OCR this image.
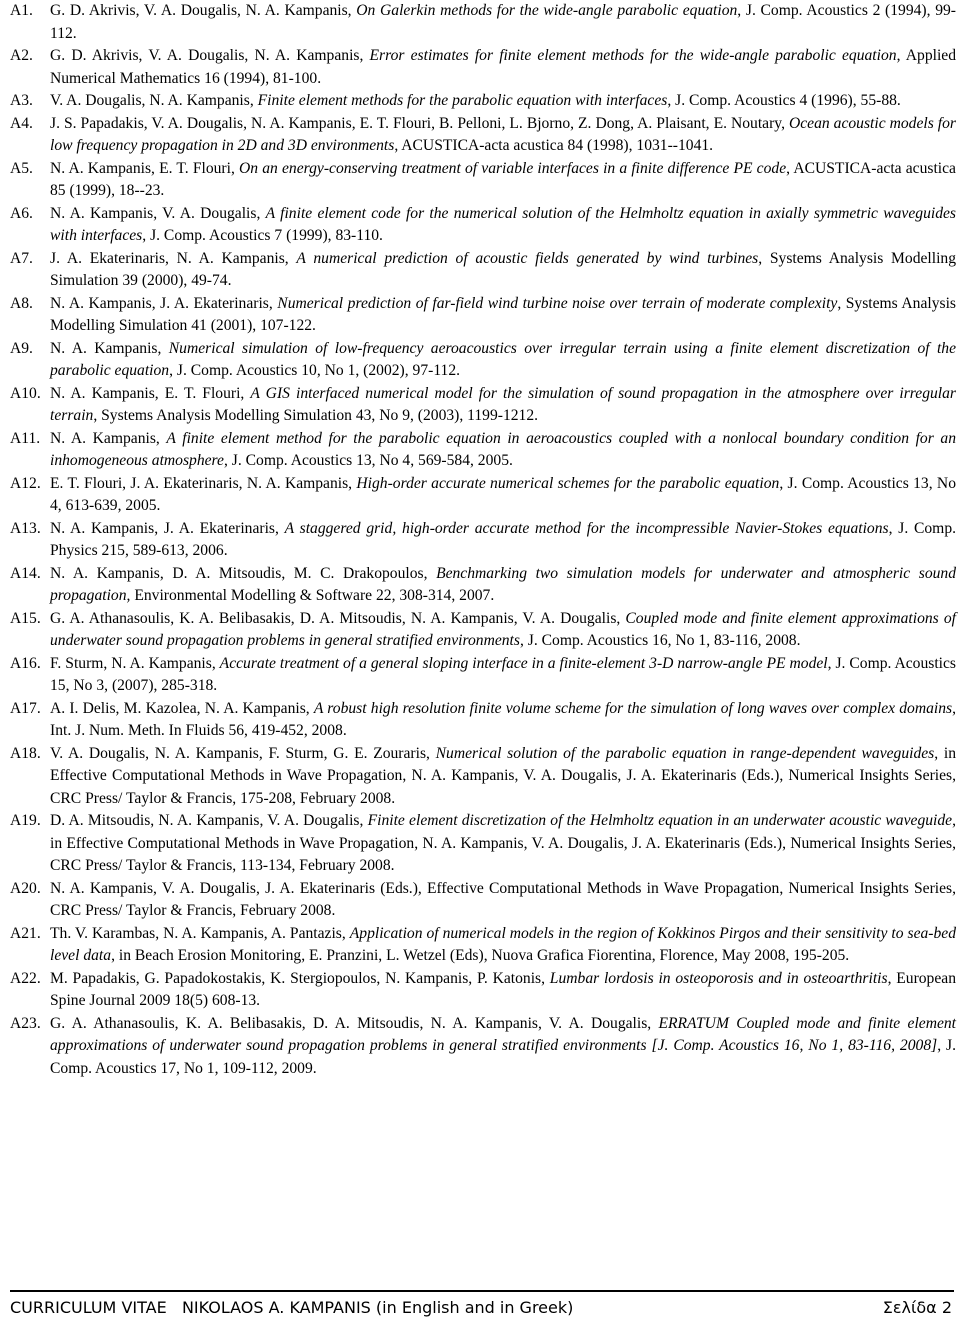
A1.	G. D. Akrivis, V. A. Dougalis, N. A. Kampanis, On Galerkin methods for the wide-angle parabolic equation, J. Comp. Acoustics 2 (1994), 99-112.
A2.	G. D. Akrivis, V. A. Dougalis, N. A. Kampanis, Error estimates for finite element methods for the wide-angle parabolic equation, Applied Numerical Mathematics 16 (1994), 81-100.
A3.	V. A. Dougalis, N. A. Kampanis, Finite element methods for the parabolic equation with interfaces, J. Comp. Acoustics 4 (1996), 55-88.
A4.	J. S. Papadakis, V. A. Dougalis, N. A. Kampanis, E. T. Flouri, B. Pelloni, L. Bjorno, Z. Dong, A. Plaisant, E. Noutary, Ocean acoustic models for low frequency propagation in 2D and 3D environments, ACUSTICA-acta acustica 84 (1998), 1031--1041.
A5.	N. A. Kampanis, E. T. Flouri, On an energy-conserving treatment of variable interfaces in a finite difference PE code, ACUSTICA-acta acustica 85 (1999), 18--23.
A6.	N. A. Kampanis, V. A. Dougalis, A finite element code for the numerical solution of the Helmholtz equation in axially symmetric waveguides with interfaces, J. Comp. Acoustics 7 (1999), 83-110.
A7.	J. A. Ekaterinaris, N. A. Kampanis, A numerical prediction of acoustic fields generated by wind turbines, Systems Analysis Modelling Simulation 39 (2000), 49-74.
A8.	N. A. Kampanis, J. A. Ekaterinaris, Numerical prediction of far-field wind turbine noise over terrain of moderate complexity, Systems Analysis Modelling Simulation 41 (2001), 107-122.
A9.	N. A. Kampanis, Numerical simulation of low-frequency aeroacoustics over irregular terrain using a finite element discretization of the parabolic equation, J. Comp. Acoustics 10, No 1, (2002), 97-112.
A10. N. A. Kampanis, E. T. Flouri, A GIS interfaced numerical model for the simulation of sound propagation in the atmosphere over irregular terrain, Systems Analysis Modelling Simulation 43, No 9, (2003), 1199-1212.
A11. N. A. Kampanis, A finite element method for the parabolic equation in aeroacoustics coupled with a nonlocal boundary condition for an inhomogeneous atmosphere, J. Comp. Acoustics 13, No 4, 569-584, 2005.
A12. E. T. Flouri, J. A. Ekaterinaris, N. A. Kampanis, High-order accurate numerical schemes for the parabolic equation, J. Comp. Acoustics 13, No 4, 613-639, 2005.
A13. N. A. Kampanis, J. A. Ekaterinaris, A staggered grid, high-order accurate method for the incompressible Navier-Stokes equations, J. Comp. Physics 215, 589-613, 2006.
A14. N. A. Kampanis, D. A. Mitsoudis, M. C. Drakopoulos, Benchmarking two simulation models for underwater and atmospheric sound propagation, Environmental Modelling & Software 22, 308-314, 2007.
A15. G. A. Athanasoulis, K. A. Belibasakis, D. A. Mitsoudis, N. A. Kampanis, V. A. Dougalis, Coupled mode and finite element approximations of underwater sound propagation problems in general stratified environments, J. Comp. Acoustics 16, No 1, 83-116, 2008.
A16. F. Sturm, N. A. Kampanis, Accurate treatment of a general sloping interface in a finite-element 3-D narrow-angle PE model, J. Comp. Acoustics 15, No 3, (2007), 285-318.
A17. A. I. Delis, M. Kazolea, N. A. Kampanis, A robust high resolution finite volume scheme for the simulation of long waves over complex domains, Int. J. Num. Meth. In Fluids 56, 419-452, 2008.
A18. V. A. Dougalis, N. A. Kampanis, F. Sturm, G. E. Zouraris, Numerical solution of the parabolic equation in range-dependent waveguides, in Effective Computational Methods in Wave Propagation, N. A. Kampanis, V. A. Dougalis, J. A. Ekaterinaris (Eds.), Numerical Insights Series, CRC Press/ Taylor & Francis, 175-208, February 2008.
A19. D. A. Mitsoudis, N. A. Kampanis, V. A. Dougalis, Finite element discretization of the Helmholtz equation in an underwater acoustic waveguide, in Effective Computational Methods in Wave Propagation, N. A. Kampanis, V. A. Dougalis, J. A. Ekaterinaris (Eds.), Numerical Insights Series, CRC Press/ Taylor & Francis, 113-134, February 2008.
A20. N. A. Kampanis, V. A. Dougalis, J. A. Ekaterinaris (Eds.), Effective Computational Methods in Wave Propagation, Numerical Insights Series, CRC Press/ Taylor & Francis, February 2008.
A21. Th. V. Karambas, N. A. Kampanis, A. Pantazis, Application of numerical models in the region of Kokkinos Pirgos and their sensitivity to sea-bed level data, in Beach Erosion Monitoring, E. Pranzini, L. Wetzel (Eds), Nuova Grafica Fiorentina, Florence, May 2008, 195-205.
A22. M. Papadakis, G. Papadokostakis, K. Stergiopoulos, N. Kampanis, P. Katonis, Lumbar lordosis in osteoporosis and in osteoarthritis, European Spine Journal 2009 18(5) 608-13.
A23. G. A. Athanasoulis, K. A. Belibasakis, D. A. Mitsoudis, N. A. Kampanis, V. A. Dougalis, ERRATUM Coupled mode and finite element approximations of underwater sound propagation problems in general stratified environments [J. Comp. Acoustics 16, No 1, 83-116, 2008], J. Comp. Acoustics 17, No 1, 109-112, 2009.
CURRICULUM VITAE   NIKOLAOS A. KAMPANIS (in English and in Greek)	Σελίδα 2
